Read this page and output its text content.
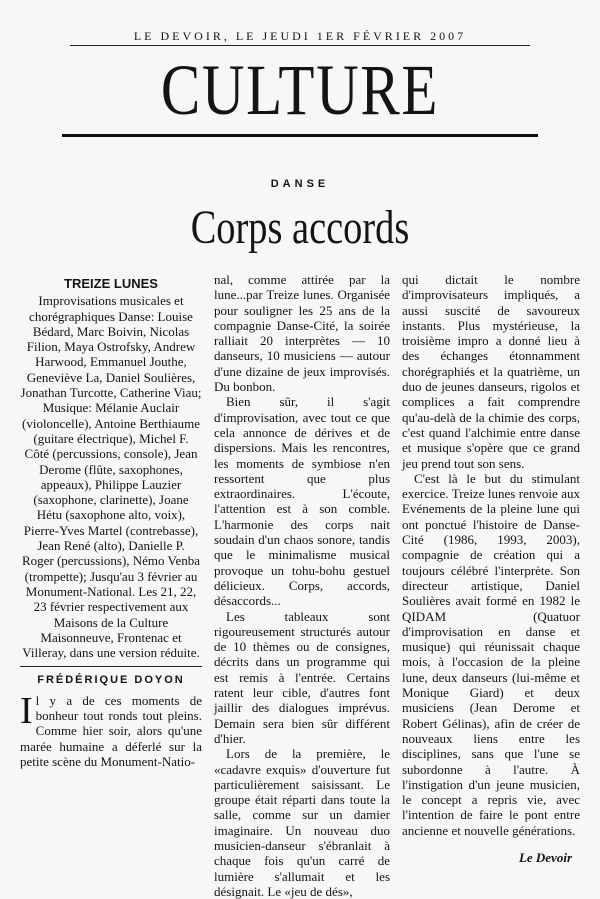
LE DEVOIR, LE JEUDI 1ER FÉVRIER 2007
CULTURE
DANSE
Corps accords
TREIZE LUNES
Improvisations musicales et chorégraphiques Danse: Louise Bédard, Marc Boivin, Nicolas Filion, Maya Ostrofsky, Andrew Harwood, Emmanuel Jouthe, Geneviève La, Daniel Soulières, Jonathan Turcotte, Catherine Viau; Musique: Mélanie Auclair (violoncelle), Antoine Berthiaume (guitare électrique), Michel F. Côté (percussions, console), Jean Derome (flûte, saxophones, appeaux), Philippe Lauzier (saxophone, clarinette), Joane Hétu (saxophone alto, voix), Pierre-Yves Martel (contrebasse), Jean René (alto), Danielle P. Roger (percussions), Némo Venba (trompette); Jusqu'au 3 février au Monument-National. Les 21, 22, 23 février respectivement aux Maisons de la Culture Maisonneuve, Frontenac et Villeray, dans une version réduite.
FRÉDÉRIQUE DOYON
I l y a de ces moments de bonheur tout ronds tout pleins. Comme hier soir, alors qu'une marée humaine a déferlé sur la petite scène du Monument-Natio-

nal, comme attirée par la lune...par Treize lunes. Organisée pour souligner les 25 ans de la compagnie Danse-Cité, la soirée ralliait 20 interprètes — 10 danseurs, 10 musiciens — autour d'une dizaine de jeux improvisés. Du bonbon.

Bien sûr, il s'agit d'improvisation, avec tout ce que cela annonce de dérives et de dispersions. Mais les rencontres, les moments de symbiose n'en ressortent que plus extraordinaires. L'écoute, l'attention est à son comble. L'harmonie des corps nait soudain d'un chaos sonore, tandis que le minimalisme musical provoque un tohu-bohu gestuel délicieux. Corps, accords, désaccords...

Les tableaux sont rigoureusement structurés autour de 10 thèmes ou de consignes, décrits dans un programme qui est remis à l'entrée. Certains ratent leur cible, d'autres font jaillir des dialogues imprévus. Demain sera bien sûr différent d'hier.

Lors de la première, le «cadavre exquis» d'ouverture fut particulièrement saisissant. Le groupe était réparti dans toute la salle, comme sur un damier imaginaire. Un nouveau duo musicien-danseur s'ébranlait à chaque fois qu'un carré de lumière s'allumait et les désignait. Le «jeu de dés»,

qui dictait le nombre d'improvisateurs impliqués, a aussi suscité de savoureux instants. Plus mystérieuse, la troisième impro a donné lieu à des échanges étonnamment chorégraphiés et la quatrième, un duo de jeunes danseurs, rigolos et complices a fait comprendre qu'au-delà de la chimie des corps, c'est quand l'alchimie entre danse et musique s'opère que ce grand jeu prend tout son sens.

C'est là le but du stimulant exercice. Treize lunes renvoie aux Evénements de la pleine lune qui ont ponctué l'histoire de Danse-Cité (1986, 1993, 2003), compagnie de création qui a toujours célébré l'interprète. Son directeur artistique, Daniel Soulières avait formé en 1982 le QIDAM (Quatuor d'improvisation en danse et musique) qui réunissait chaque mois, à l'occasion de la pleine lune, deux danseurs (lui-même et Monique Giard) et deux musiciens (Jean Derome et Robert Gélinas), afin de créer de nouveaux liens entre les disciplines, sans que l'une se subordonne à l'autre. À l'instigation d'un jeune musicien, le concept a repris vie, avec l'intention de faire le pont entre ancienne et nouvelle générations.

Le Devoir
